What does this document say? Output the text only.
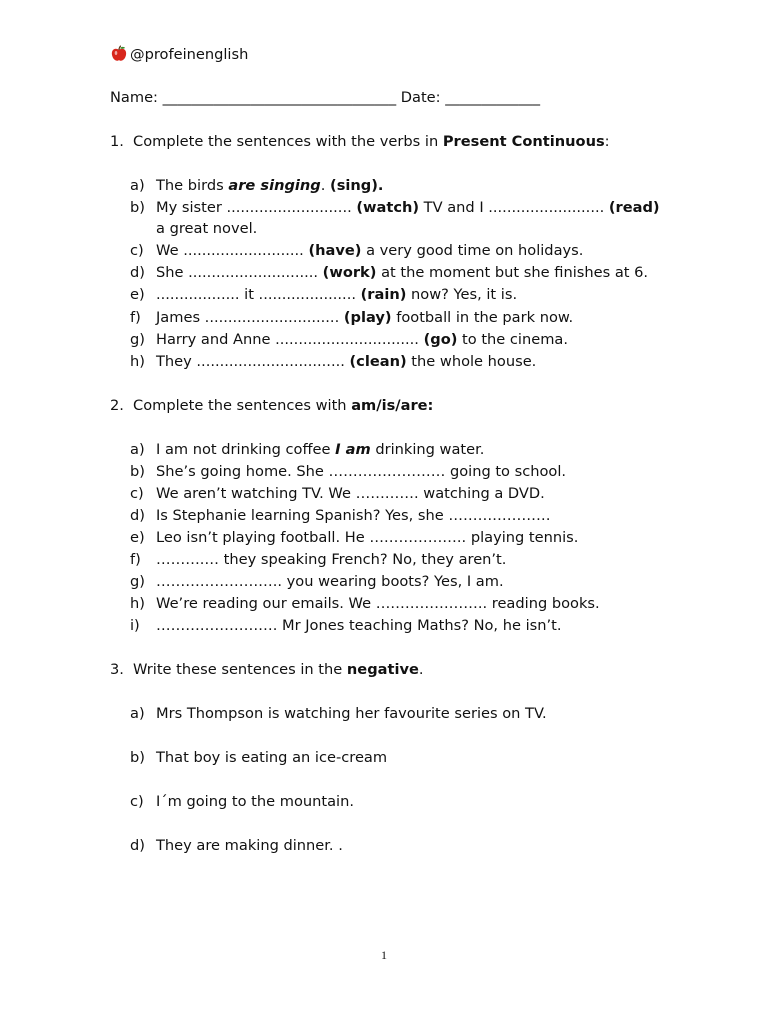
@profeinenglish
Name: ________________________________ Date: _____________
1. Complete the sentences with the verbs in Present Continuous:
a) The birds are singing. (sing).
b) My sister ........................... (watch) TV and I ......................... (read)
a great novel.
c) We .......................... (have) a very good time on holidays.
d) She ............................ (work) at the moment but she finishes at 6.
e) .................. it ..................... (rain) now? Yes, it is.
f) James ............................. (play) football in the park now.
g) Harry and Anne ............................... (go) to the cinema.
h) They ................................ (clean) the whole house.
2. Complete the sentences with am/is/are:
a) I am not drinking coffee I am drinking water.
b) She’s going home. She …………………… going to school.
c) We aren’t watching TV. We …………. watching a DVD.
d) Is Stephanie learning Spanish? Yes, she …………………
e) Leo isn’t playing football. He ……………….. playing tennis.
f) ……….… they speaking French? No, they aren’t.
g) …………………….. you wearing boots? Yes, I am.
h) We’re reading our emails. We ………………….. reading books.
i) ……………………. Mr Jones teaching Maths? No, he isn’t.
3. Write these sentences in the negative.
a) Mrs Thompson is watching her favourite series on TV.
b) That boy is eating an ice-cream
c) I´m going to the mountain.
d) They are making dinner. .
1
